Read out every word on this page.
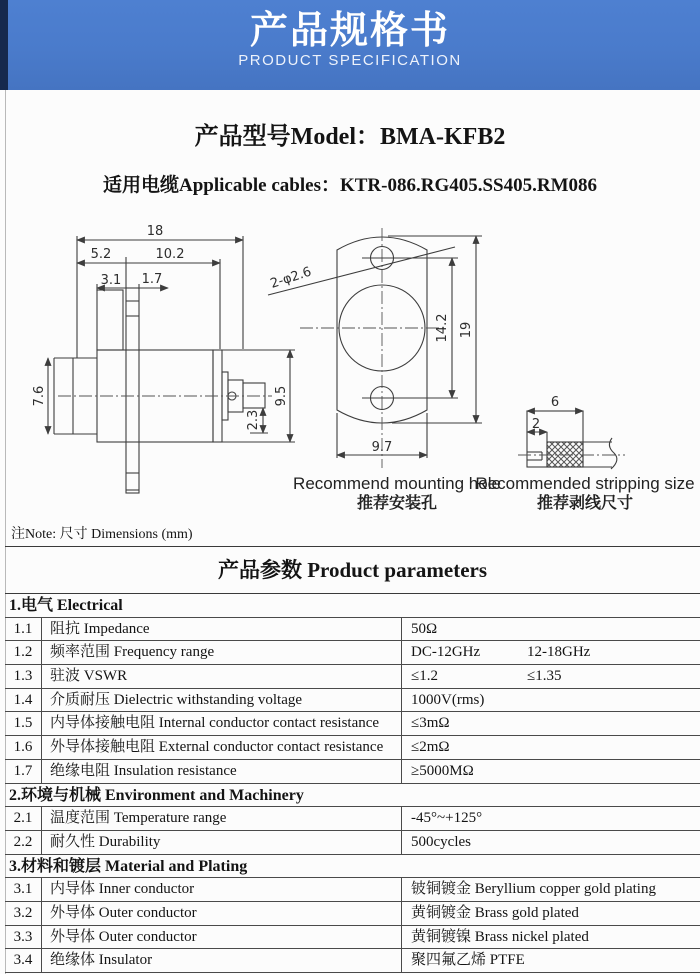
产品规格书
PRODUCT SPECIFICATION
产品型号Model：BMA-KFB2
适用电缆Applicable cables：KTR-086.RG405.SS405.RM086
18
5.2	10.2
3.1 1.7
7.6	9.5
2.3
2-φ2.6
14.2 19
9.7
6
2
Recommend mounting hole
推荐安装孔
Recommended stripping size
推荐剥线尺寸
注Note: 尺寸 Dimensions (mm)
产品参数 Product parameters
1.电气 Electrical
1.1	阻抗 Impedance	50Ω
1.2	频率范围 Frequency range	DC-12GHz	12-18GHz
1.3	驻波 VSWR	≤1.2	≤1.35
1.4	介质耐压 Dielectric withstanding voltage	1000V(rms)
1.5	内导体接触电阻 Internal conductor contact resistance	≤3mΩ
1.6	外导体接触电阻 External conductor contact resistance	≤2mΩ
1.7	绝缘电阻 Insulation resistance	≥5000MΩ
2.环境与机械 Environment and Machinery
2.1	温度范围 Temperature range	-45°~+125°
2.2	耐久性 Durability	500cycles
3.材料和镀层 Material and Plating
3.1	内导体 Inner conductor	铍铜镀金 Beryllium copper gold plating
3.2	外导体 Outer conductor	黄铜镀金 Brass gold plated
3.3	外导体 Outer conductor	黄铜镀镍 Brass nickel plated
3.4	绝缘体 Insulator	聚四氟乙烯 PTFE
